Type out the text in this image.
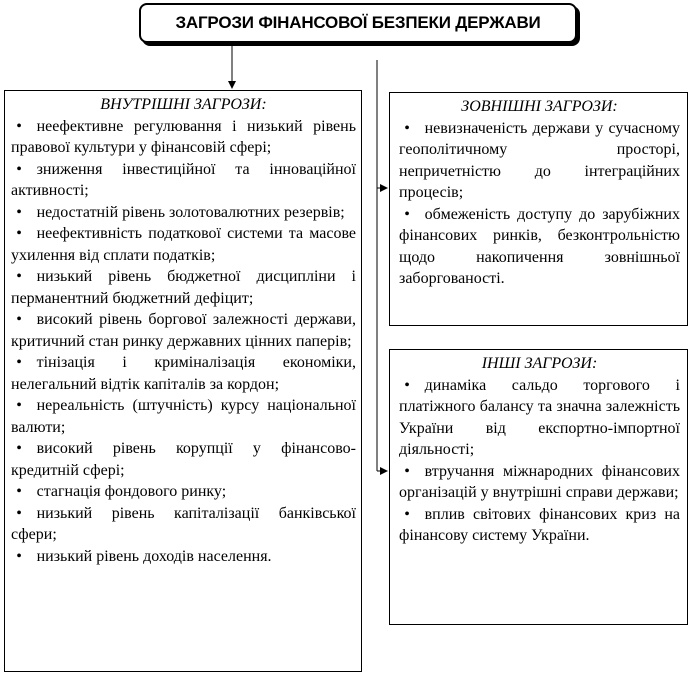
ЗАГРОЗИ ФІНАНСОВОЇ БЕЗПЕКИ ДЕРЖАВИ

ВНУТРІШНІ ЗАГРОЗИ:

• неефективне регулювання і низький рівень правової культури у фінансовій сфері;

• зниження інвестиційної та інноваційної активності;

• недостатній рівень золотовалютних резервів;

• неефективність податкової системи та масове ухилення від сплати податків;

• низький рівень бюджетної дисципліни і перманентний бюджетний дефіцит;

• високий рівень боргової залежності держави, критичний стан ринку державних цінних паперів;

• тінізація і криміналізація економіки, нелегальний відтік капіталів за кордон;

• нереальність (штучність) курсу національної валюти;

• високий рівень корупції у фінансово-кредитній сфері;

• стагнація фондового ринку;

• низький рівень капіталізації банківської сфери;

• низький рівень доходів населення.

ЗОВНІШНІ ЗАГРОЗИ:

• невизначеність держави у сучасному геополітичному просторі, непричетністю до інтеграційних процесів;

• обмеженість доступу до зарубіжних фінансових ринків, безконтрольністю щодо накопичення зовнішньої заборгованості.

ІНШІ ЗАГРОЗИ:

• динаміка сальдо торгового і платіжного балансу та значна залежність України від експортно-імпортної діяльності;

• втручання міжнародних фінансових організацій у внутрішні справи держави;

• вплив світових фінансових криз на фінансову систему України.
